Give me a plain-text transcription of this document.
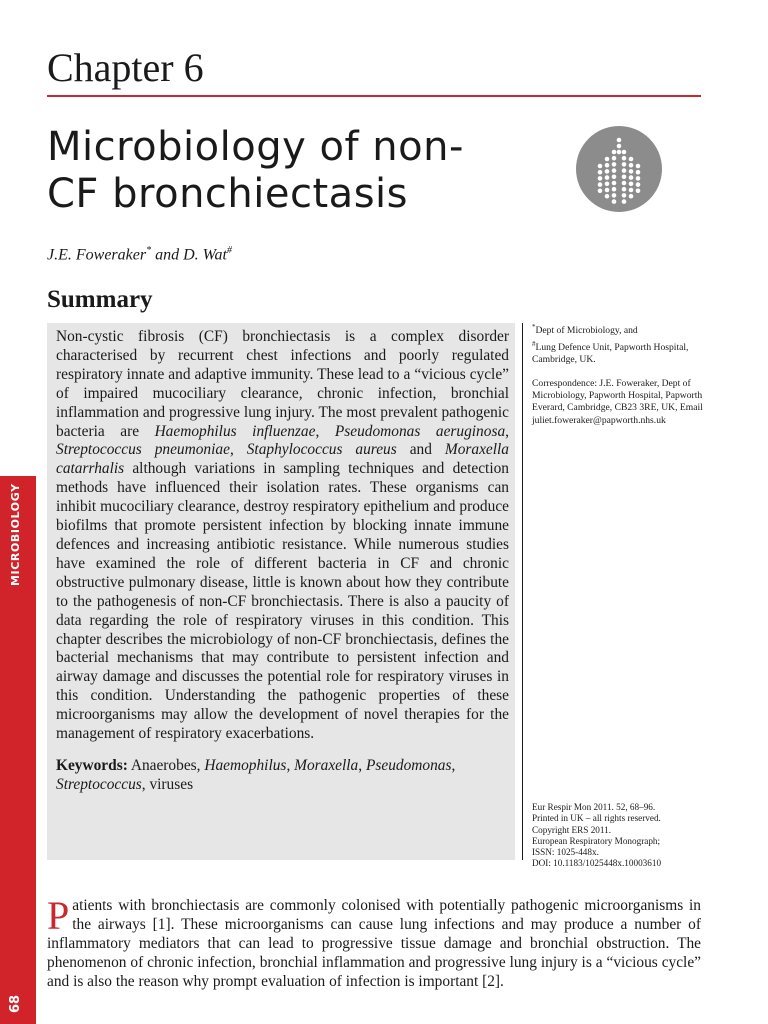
Chapter 6
Microbiology of non-
CF bronchiectasis
J.E. Foweraker* and D. Wat#
Summary

Non-cystic fibrosis (CF) bronchiectasis is a complex disorder characterised by recurrent chest infections and poorly regulated respiratory innate and adaptive immunity. These lead to a “vicious cycle” of impaired mucociliary clearance, chronic infection, bronchial inflammation and progressive lung injury. The most prevalent pathogenic bacteria are Haemophilus influenzae, Pseudomonas aeruginosa, Streptococcus pneumoniae, Staphylococcus aureus and Moraxella catarrhalis although variations in sampling techniques and detection methods have influenced their isolation rates. These organisms can inhibit mucociliary clearance, destroy respiratory epithelium and produce biofilms that promote persistent infection by blocking innate immune defences and increasing antibiotic resistance. While numerous studies have examined the role of different bacteria in CF and chronic obstructive pulmonary disease, little is known about how they contribute to the pathogenesis of non-CF bronchiectasis. There is also a paucity of data regarding the role of respiratory viruses in this condition. This chapter describes the microbiology of non-CF bronchiectasis, defines the bacterial mechanisms that may contribute to persistent infection and airway damage and discusses the potential role for respiratory viruses in this condition. Understanding the pathogenic properties of these microorganisms may allow the development of novel therapies for the management of respiratory exacerbations.

Keywords: Anaerobes, Haemophilus, Moraxella, Pseudomonas, Streptococcus, viruses

*Dept of Microbiology, and
#Lung Defence Unit, Papworth Hospital, Cambridge, UK.

Correspondence: J.E. Foweraker, Dept of Microbiology, Papworth Hospital, Papworth Everard, Cambridge, CB23 3RE, UK, Email juliet.foweraker@papworth.nhs.uk

Eur Respir Mon 2011. 52, 68–96.
Printed in UK – all rights reserved.
Copyright ERS 2011.
European Respiratory Monograph;
ISSN: 1025-448x.
DOI: 10.1183/1025448x.10003610
MICROBIOLOGY
68

Patients with bronchiectasis are commonly colonised with potentially pathogenic microorganisms in the airways [1]. These microorganisms can cause lung infections and may produce a number of inflammatory mediators that can lead to progressive tissue damage and bronchial obstruction. The phenomenon of chronic infection, bronchial inflammation and progressive lung injury is a “vicious cycle” and is also the reason why prompt evaluation of infection is important [2].
